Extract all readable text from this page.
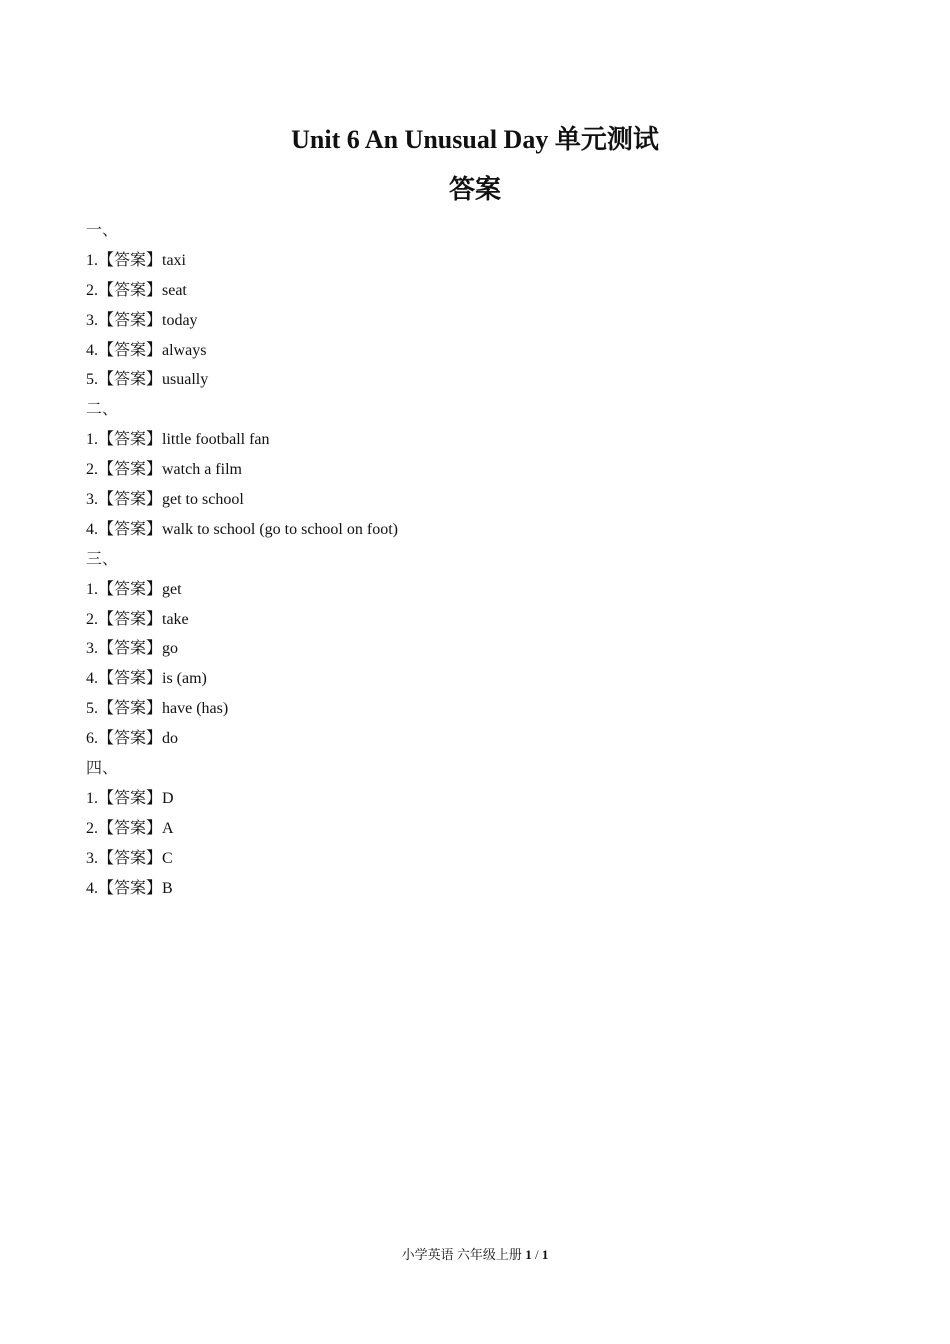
Unit 6 An Unusual Day 单元测试
答案
一、
1.【答案】taxi
2.【答案】seat
3.【答案】today
4.【答案】always
5.【答案】usually
二、
1.【答案】little football fan
2.【答案】watch a film
3.【答案】get to school
4.【答案】walk to school (go to school on foot)
三、
1.【答案】get
2.【答案】take
3.【答案】go
4.【答案】is (am)
5.【答案】have (has)
6.【答案】do
四、
1.【答案】D
2.【答案】A
3.【答案】C
4.【答案】B
小学英语 六年级上册 1 / 1
